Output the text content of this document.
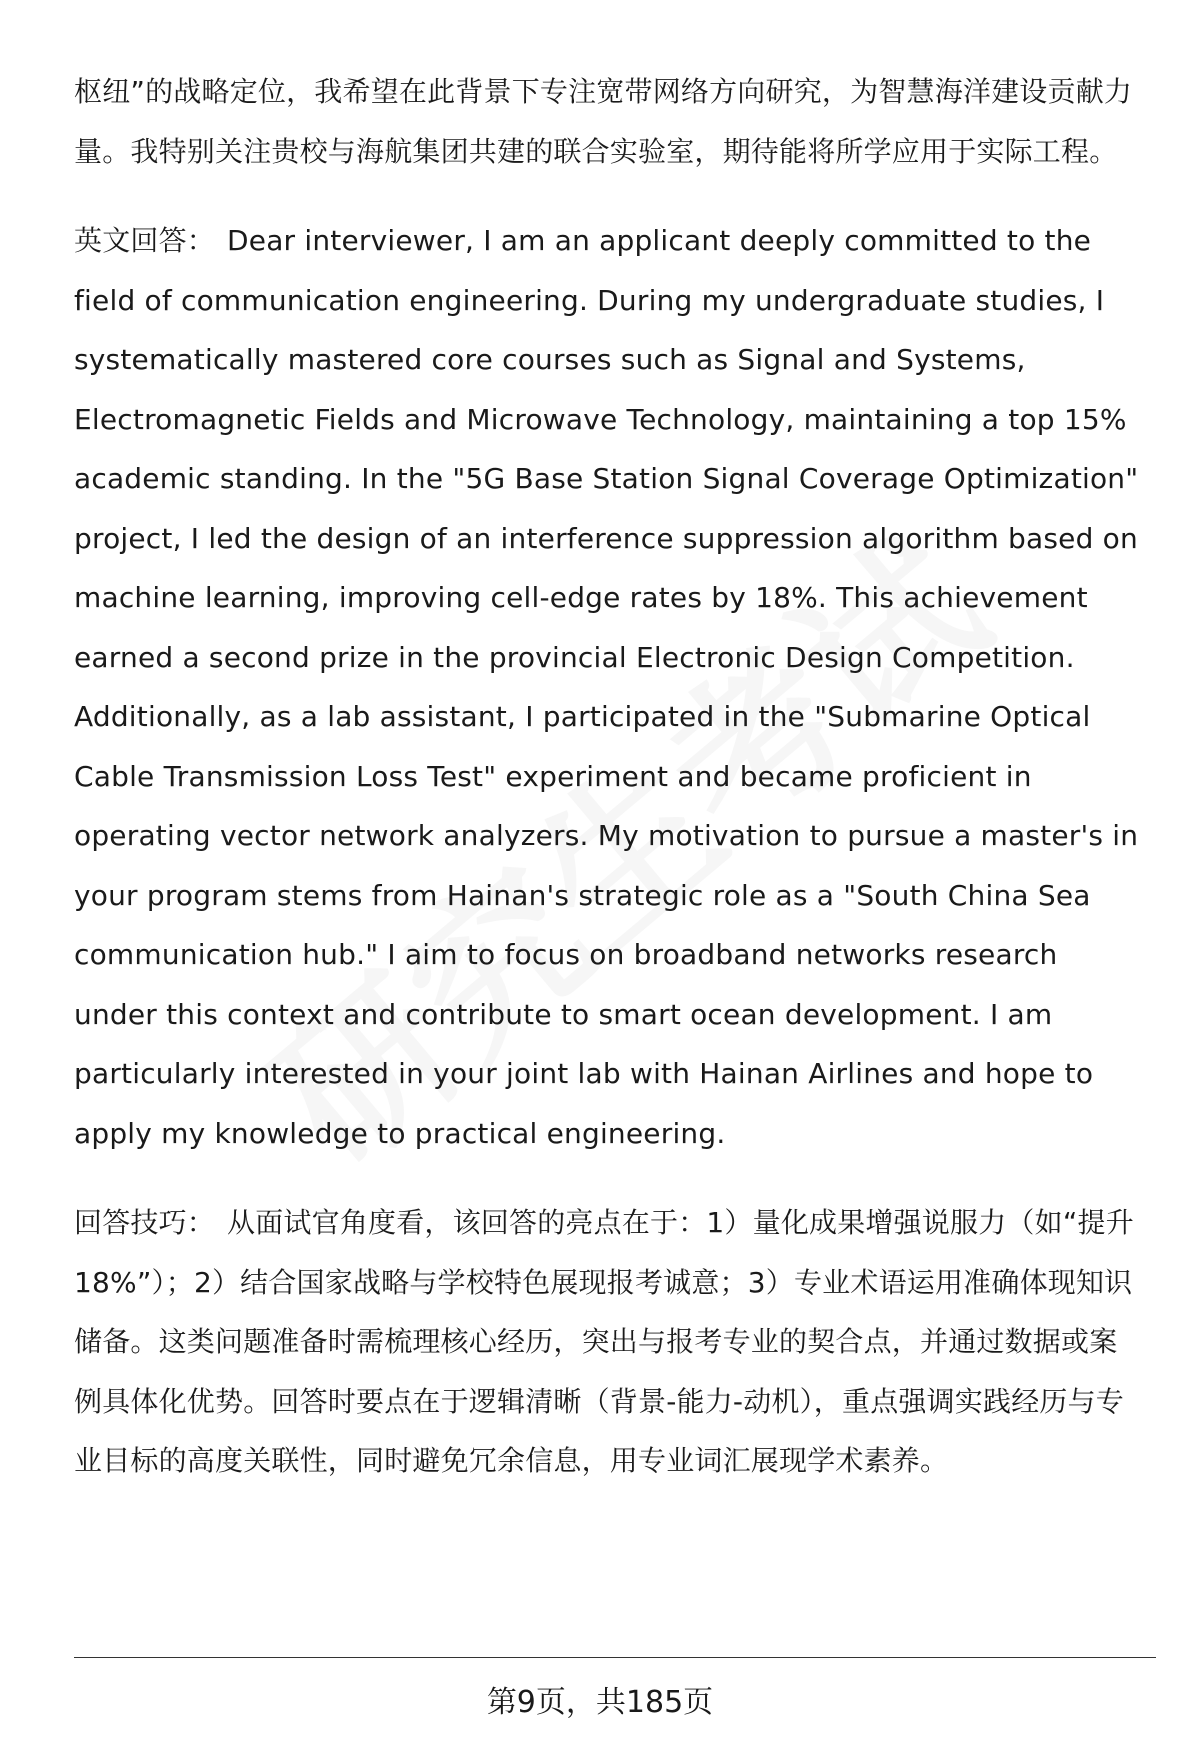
枢纽”的战略定位，我希望在此背景下专注宽带网络方向研究，为智慧海洋建设贡献力量。我特别关注贵校与海航集团共建的联合实验室，期待能将所学应用于实际工程。

英文回答： Dear interviewer, I am an applicant deeply committed to the field of communication engineering. During my undergraduate studies, I systematically mastered core courses such as Signal and Systems, Electromagnetic Fields and Microwave Technology, maintaining a top 15% academic standing. In the "5G Base Station Signal Coverage Optimization" project, I led the design of an interference suppression algorithm based on machine learning, improving cell-edge rates by 18%. This achievement earned a second prize in the provincial Electronic Design Competition. Additionally, as a lab assistant, I participated in the "Submarine Optical Cable Transmission Loss Test" experiment and became proficient in operating vector network analyzers. My motivation to pursue a master's in your program stems from Hainan's strategic role as a "South China Sea communication hub." I aim to focus on broadband networks research under this context and contribute to smart ocean development. I am particularly interested in your joint lab with Hainan Airlines and hope to apply my knowledge to practical engineering.

回答技巧： 从面试官角度看，该回答的亮点在于：1）量化成果增强说服力（如“提升18%”）；2）结合国家战略与学校特色展现报考诚意；3）专业术语运用准确体现知识储备。这类问题准备时需梳理核心经历，突出与报考专业的契合点，并通过数据或案例具体化优势。回答时要点在于逻辑清晰（背景-能力-动机），重点强调实践经历与专业目标的高度关联性，同时避免冗余信息，用专业词汇展现学术素养。

第9页，共185页
